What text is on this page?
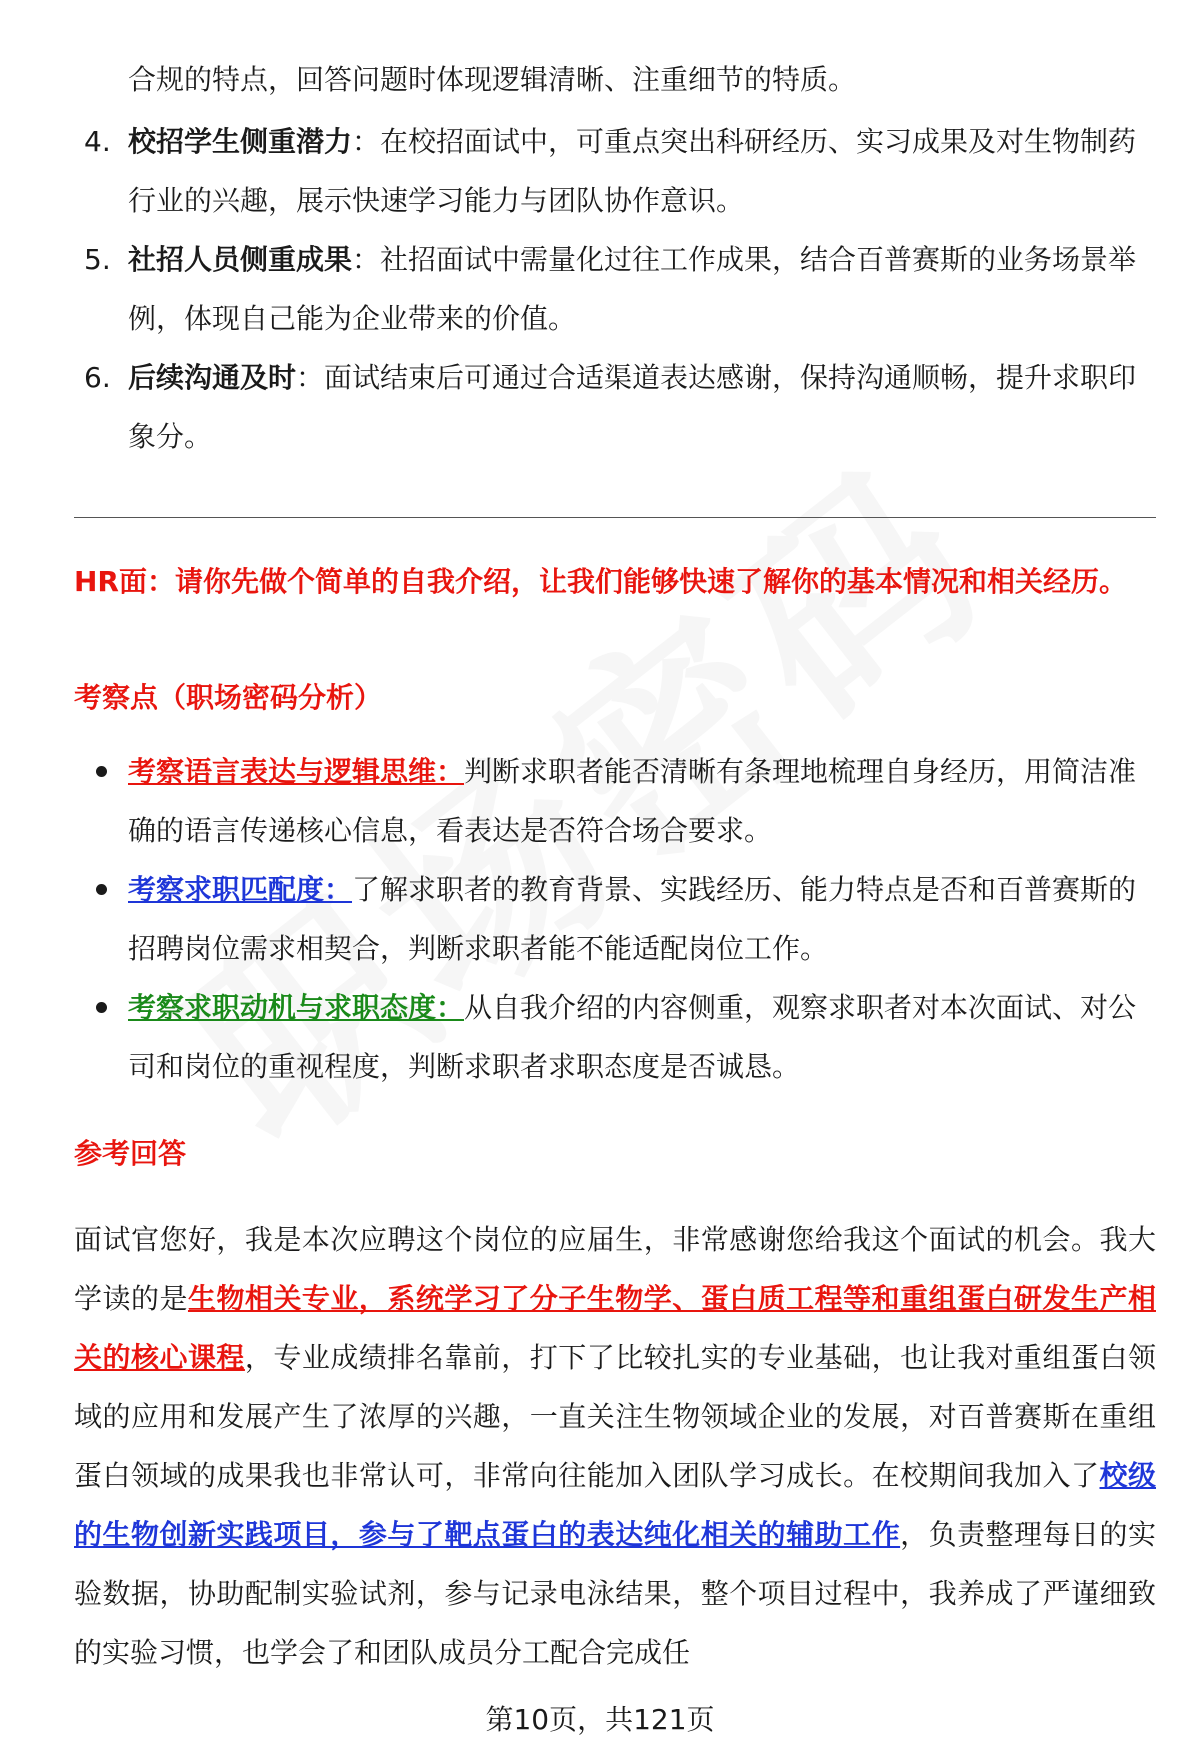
合规的特点，回答问题时体现逻辑清晰、注重细节的特质。
4. 校招学生侧重潜力：在校招面试中，可重点突出科研经历、实习成果及对生物制药行业的兴趣，展示快速学习能力与团队协作意识。
5. 社招人员侧重成果：社招面试中需量化过往工作成果，结合百普赛斯的业务场景举例，体现自己能为企业带来的价值。
6. 后续沟通及时：面试结束后可通过合适渠道表达感谢，保持沟通顺畅，提升求职印象分。
HR面：请你先做个简单的自我介绍，让我们能够快速了解你的基本情况和相关经历。
考察点（职场密码分析）
考察语言表达与逻辑思维：判断求职者能否清晰有条理地梳理自身经历，用简洁准确的语言传递核心信息，看表达是否符合场合要求。
考察求职匹配度：了解求职者的教育背景、实践经历、能力特点是否和百普赛斯的招聘岗位需求相契合，判断求职者能不能适配岗位工作。
考察求职动机与求职态度：从自我介绍的内容侧重，观察求职者对本次面试、对公司和岗位的重视程度，判断求职者求职态度是否诚恳。
参考回答
面试官您好，我是本次应聘这个岗位的应届生，非常感谢您给我这个面试的机会。我大学读的是生物相关专业，系统学习了分子生物学、蛋白质工程等和重组蛋白研发生产相关的核心课程，专业成绩排名靠前，打下了比较扎实的专业基础，也让我对重组蛋白领域的应用和发展产生了浓厚的兴趣，一直关注生物领域企业的发展，对百普赛斯在重组蛋白领域的成果我也非常认可，非常向往能加入团队学习成长。在校期间我加入了校级的生物创新实践项目，参与了靶点蛋白的表达纯化相关的辅助工作，负责整理每日的实验数据，协助配制实验试剂，参与记录电泳结果，整个项目过程中，我养成了严谨细致的实验习惯，也学会了和团队成员分工配合完成任
第10页，共121页
